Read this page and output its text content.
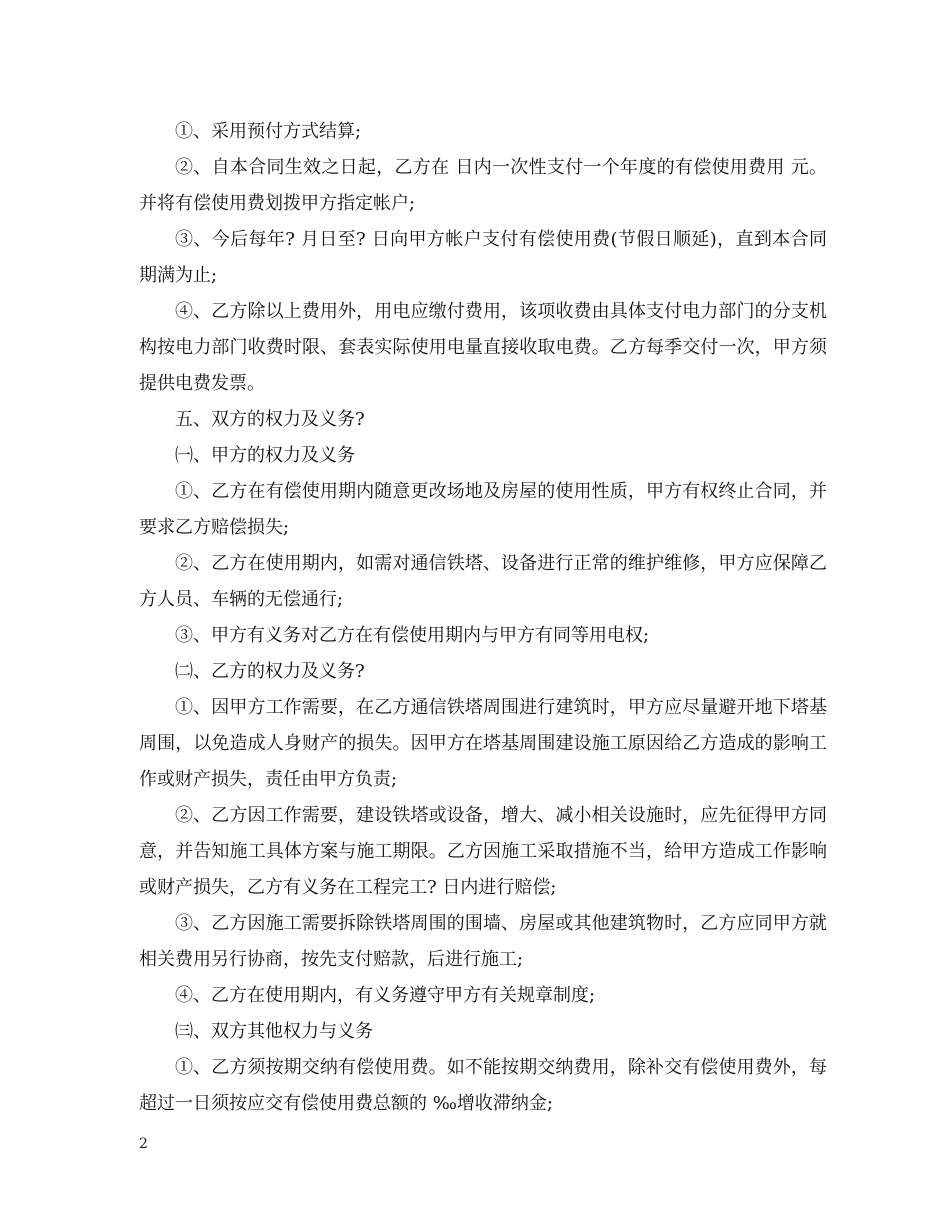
①、采用预付方式结算;

②、自本合同生效之日起，乙方在 日内一次性支付一个年度的有偿使用费用 元。并将有偿使用费划拨甲方指定帐户;

③、今后每年? 月日至? 日向甲方帐户支付有偿使用费(节假日顺延)，直到本合同期满为止;

④、乙方除以上费用外，用电应缴付费用，该项收费由具体支付电力部门的分支机构按电力部门收费时限、套表实际使用电量直接收取电费。乙方每季交付一次，甲方须提供电费发票。

五、双方的权力及义务?

㈠、甲方的权力及义务

①、乙方在有偿使用期内随意更改场地及房屋的使用性质，甲方有权终止合同，并要求乙方赔偿损失;

②、乙方在使用期内，如需对通信铁塔、设备进行正常的维护维修，甲方应保障乙方人员、车辆的无偿通行;

③、甲方有义务对乙方在有偿使用期内与甲方有同等用电权;

㈡、乙方的权力及义务?

①、因甲方工作需要，在乙方通信铁塔周围进行建筑时，甲方应尽量避开地下塔基周围，以免造成人身财产的损失。因甲方在塔基周围建设施工原因给乙方造成的影响工作或财产损失，责任由甲方负责;

②、乙方因工作需要，建设铁塔或设备，增大、减小相关设施时，应先征得甲方同意，并告知施工具体方案与施工期限。乙方因施工采取措施不当，给甲方造成工作影响或财产损失，乙方有义务在工程完工? 日内进行赔偿;

③、乙方因施工需要拆除铁塔周围的围墙、房屋或其他建筑物时，乙方应同甲方就相关费用另行协商，按先支付赔款，后进行施工;

④、乙方在使用期内，有义务遵守甲方有关规章制度;

㈢、双方其他权力与义务

①、乙方须按期交纳有偿使用费。如不能按期交纳费用，除补交有偿使用费外，每超过一日须按应交有偿使用费总额的 ‰增收滞纳金;

2
